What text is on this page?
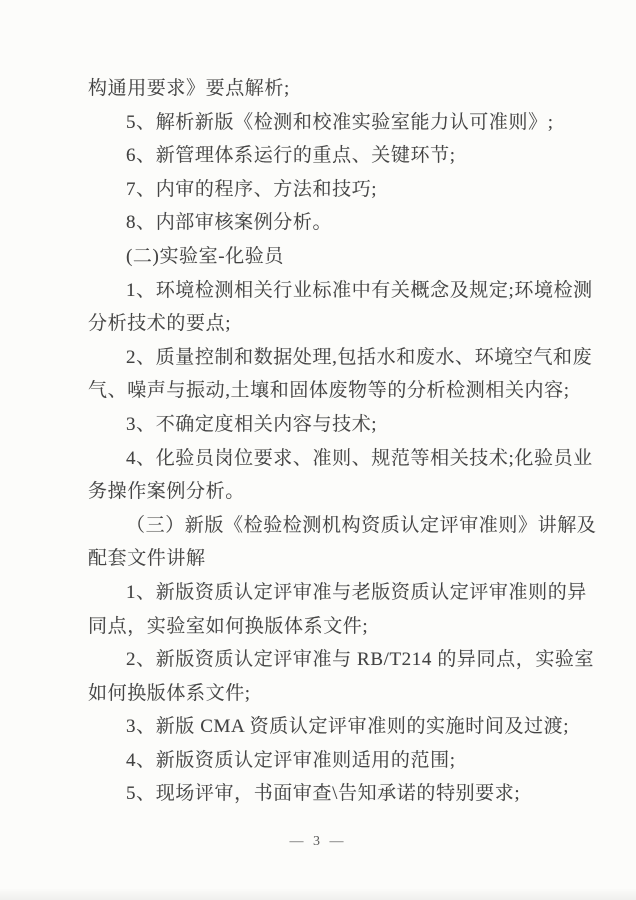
构通用要求》要点解析;
5、解析新版《检测和校准实验室能力认可准则》;
6、新管理体系运行的重点、关键环节;
7、内审的程序、方法和技巧;
8、内部审核案例分析。
(二)实验室-化验员
1、环境检测相关行业标准中有关概念及规定;环境检测
分析技术的要点;
2、质量控制和数据处理,包括水和废水、环境空气和废
气、噪声与振动,土壤和固体废物等的分析检测相关内容;
3、不确定度相关内容与技术;
4、化验员岗位要求、准则、规范等相关技术;化验员业
务操作案例分析。
（三）新版《检验检测机构资质认定评审准则》讲解及
配套文件讲解
1、新版资质认定评审准与老版资质认定评审准则的异
同点，实验室如何换版体系文件;
2、新版资质认定评审准与 RB/T214 的异同点，实验室
如何换版体系文件;
3、新版 CMA 资质认定评审准则的实施时间及过渡;
4、新版资质认定评审准则适用的范围;
5、现场评审，书面审查\告知承诺的特别要求;
— 3 —
